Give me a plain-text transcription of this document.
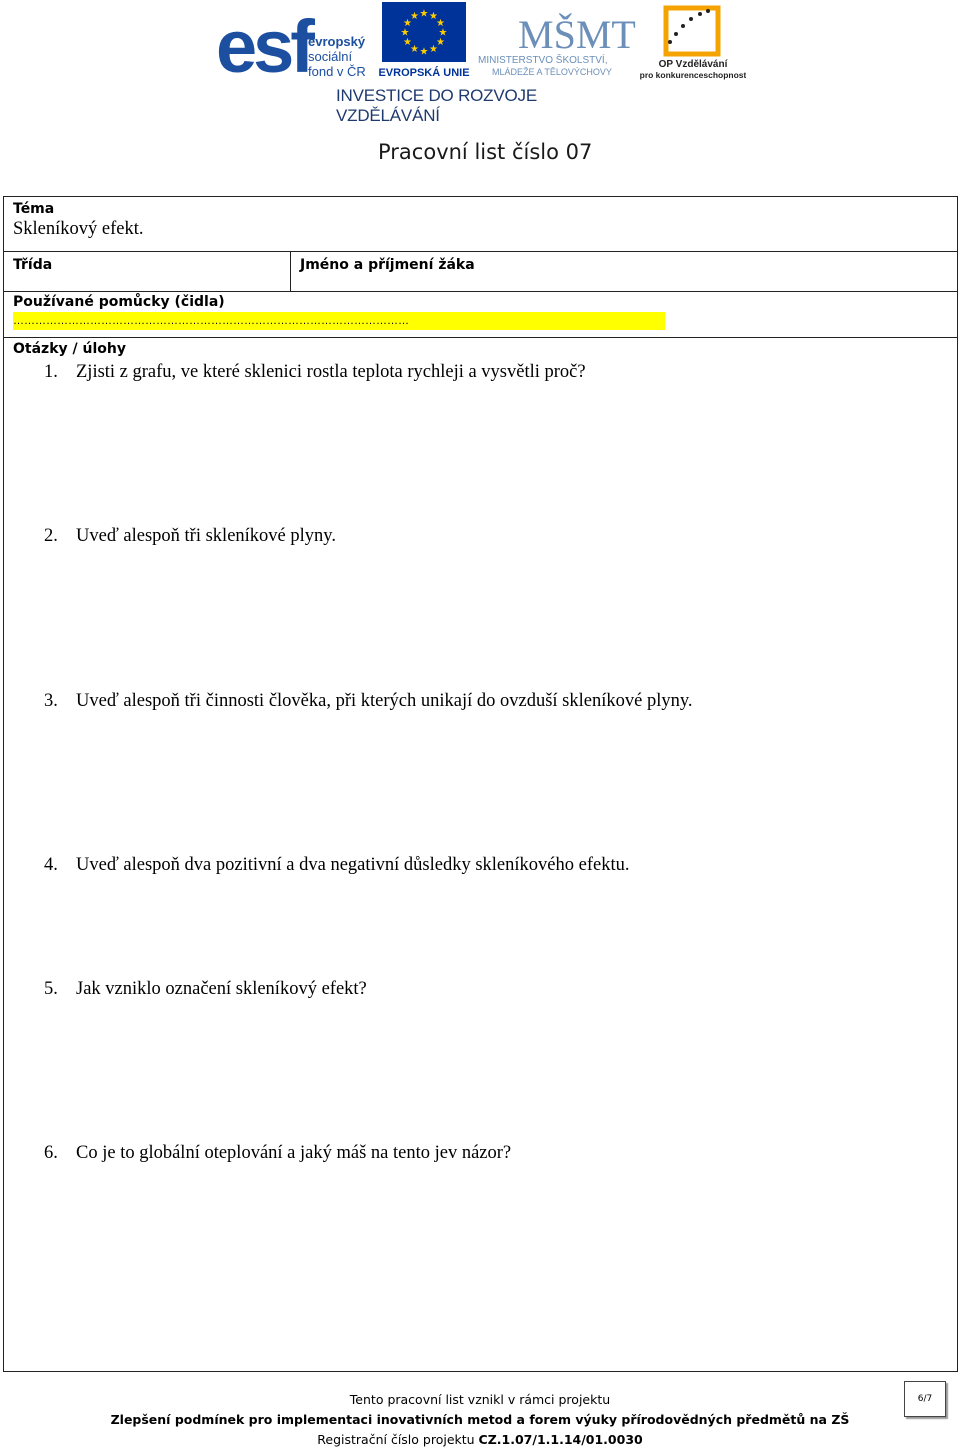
esf
evropský
sociální
fond v ČR
★ ★
★
★
★
★
★
★
★
★
★
★
EVROPSKÁ UNIE
MŠMT
MINISTERSTVO ŠKOLSTVÍ,
MLÁDEŽE A TĚLOVÝCHOVY
OP Vzdělávání
pro konkurenceschopnost
INVESTICE DO ROZVOJE VZDĚLÁVÁNÍ
Pracovní list číslo 07
Téma
Skleníkový efekt.
Třída	Jméno a příjmení žáka
Používané pomůcky (čidla)
………………………………………………………………………………………………
Otázky / úlohy
1. Zjisti z grafu, ve které sklenici rostla teplota rychleji a vysvětli proč?
2. Uveď alespoň tři skleníkové plyny.
3. Uveď alespoň tři činnosti člověka, při kterých unikají do ovzduší skleníkové plyny.
4. Uveď alespoň dva pozitivní a dva negativní důsledky skleníkového efektu.
5. Jak vzniklo označení skleníkový efekt?
6. Co je to globální oteplování a jaký máš na tento jev názor?
Tento pracovní list vznikl v rámci projektu
Zlepšení podmínek pro implementaci inovativních metod a forem výuky přírodovědných předmětů na ZŠ
Registrační číslo projektu CZ.1.07/1.1.14/01.0030
6/7
